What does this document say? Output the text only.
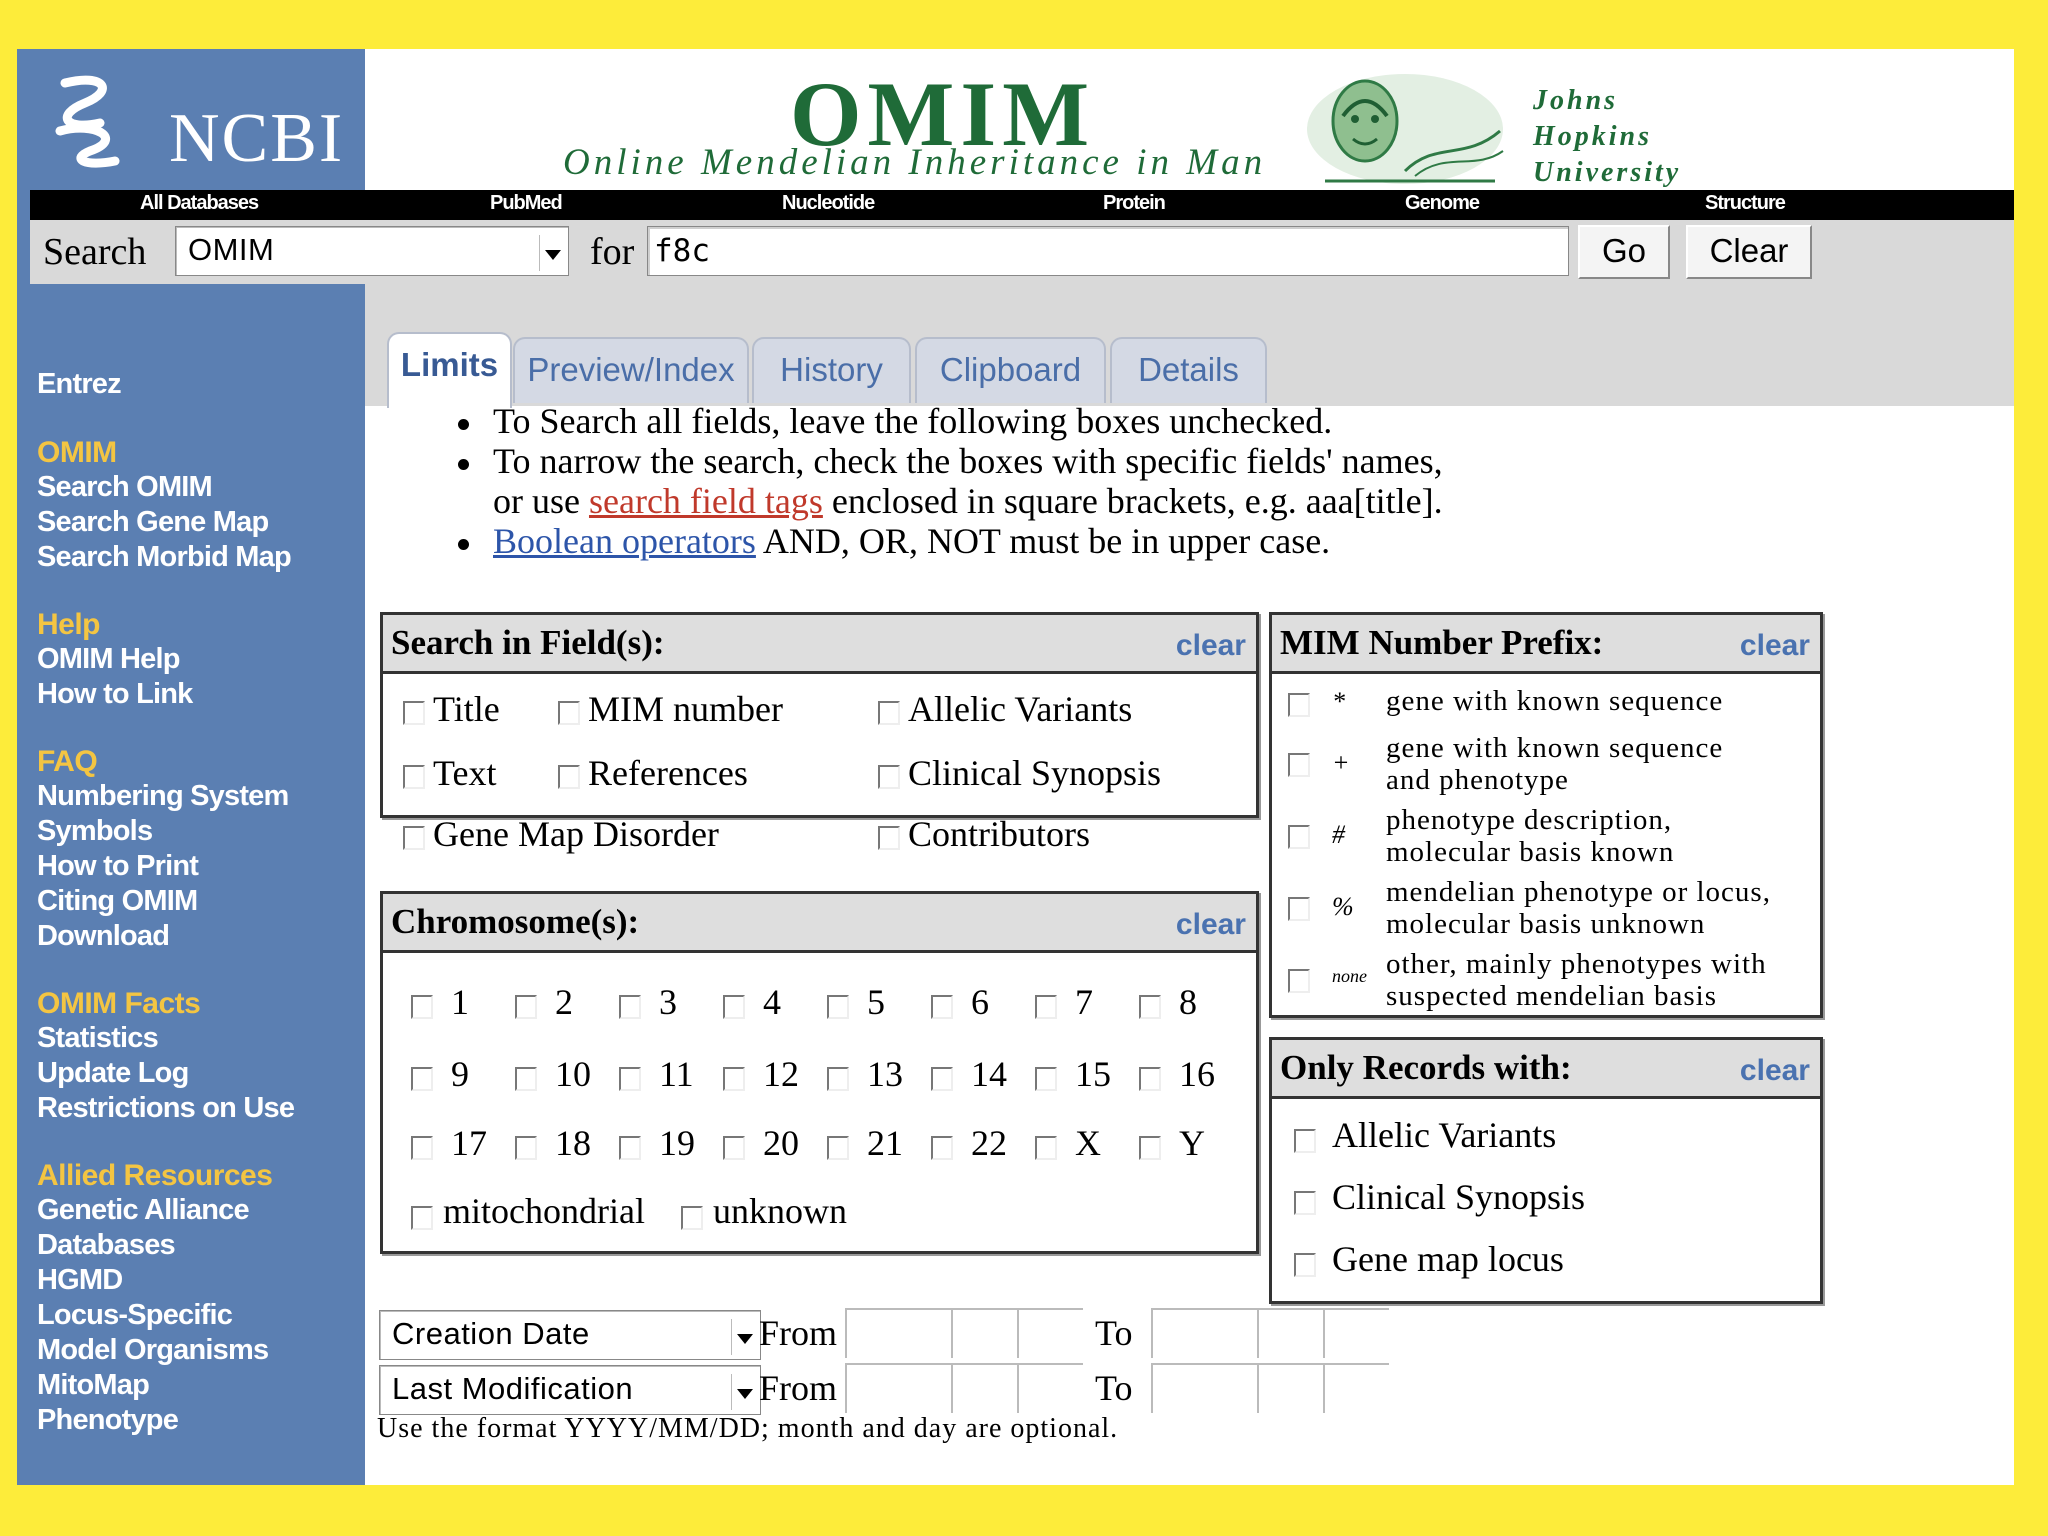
NCBI
Entrez
OMIM
Search OMIM
Search Gene Map
Search Morbid Map
Help
OMIM Help
How to Link
FAQ
Numbering System
Symbols
How to Print
Citing OMIM
Download
OMIM Facts
Statistics
Update Log
Restrictions on Use
Allied Resources
Genetic Alliance
Databases
HGMD
Locus-Specific
Model Organisms
MitoMap
Phenotype
OMIM
Online Mendelian Inheritance in Man
Johns
Hopkins
University
All Databases	PubMed	Nucleotide	Protein	Genome	Structure
Search OMIM	for f8c	Go	Clear
Limits Preview/Index	History	Clipboard	Details
To Search all fields, leave the following boxes unchecked.
To narrow the search, check the boxes with specific fields' names,
or use search field tags enclosed in square brackets, e.g. aaa[title].
Boolean operators AND, OR, NOT must be in upper case.
Search in Field(s):	clear
Title MIM number	Allelic Variants
Text	References	Clinical Synopsis
Gene Map Disorder	Contributors
Chromosome(s):	clear
1 2 3 4 5 6 7 8
9 10 11 12 13 14 15 16
17 18 19 20 21 22 X Y
mitochondrial unknown
MIM Number Prefix:	clear
* gene with known sequence
+ gene with known sequence
and phenotype
# phenotype description,
molecular basis known
% mendelian phenotype or locus,
molecular basis unknown
none other, mainly phenotypes with
suspected mendelian basis
Only Records with:	clear
Allelic Variants
Clinical Synopsis
Gene map locus
Creation Date	From	To
Last Modification	From	To
Use the format YYYY/MM/DD; month and day are optional.
